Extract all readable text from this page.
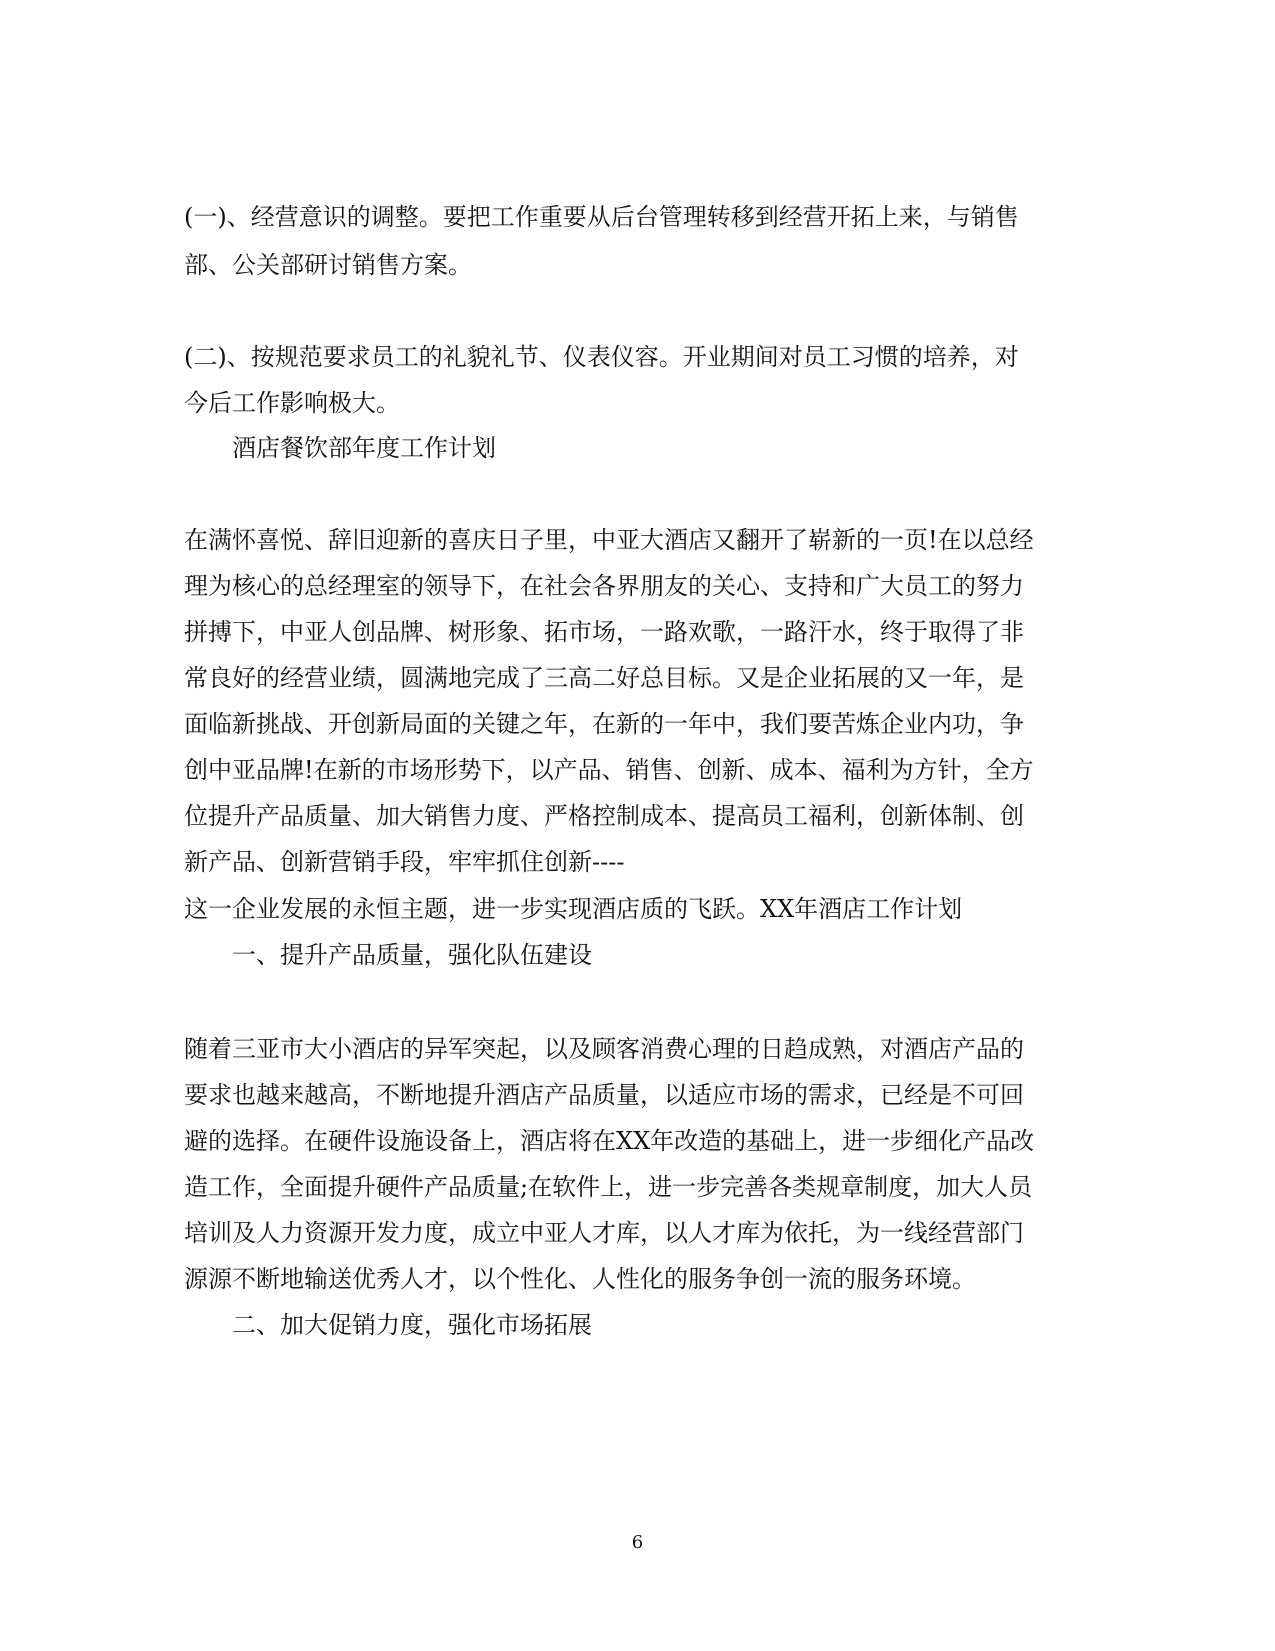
(一)、经营意识的调整。要把工作重要从后台管理转移到经营开拓上来，与销售

部、公关部研讨销售方案。

(二)、按规范要求员工的礼貌礼节、仪表仪容。开业期间对员工习惯的培养，对

今后工作影响极大。

酒店餐饮部年度工作计划

在满怀喜悦、辞旧迎新的喜庆日子里，中亚大酒店又翻开了崭新的一页!在以总经

理为核心的总经理室的领导下，在社会各界朋友的关心、支持和广大员工的努力

拼搏下，中亚人创品牌、树形象、拓市场，一路欢歌，一路汗水，终于取得了非

常良好的经营业绩，圆满地完成了三高二好总目标。又是企业拓展的又一年，是

面临新挑战、开创新局面的关键之年，在新的一年中，我们要苦炼企业内功，争

创中亚品牌!在新的市场形势下，以产品、销售、创新、成本、福利为方针，全方

位提升产品质量、加大销售力度、严格控制成本、提高员工福利，创新体制、创

新产品、创新营销手段，牢牢抓住创新----

这一企业发展的永恒主题，进一步实现酒店质的飞跃。XX年酒店工作计划

一、提升产品质量，强化队伍建设

随着三亚市大小酒店的异军突起，以及顾客消费心理的日趋成熟，对酒店产品的

要求也越来越高，不断地提升酒店产品质量，以适应市场的需求，已经是不可回

避的选择。在硬件设施设备上，酒店将在XX年改造的基础上，进一步细化产品改

造工作，全面提升硬件产品质量;在软件上，进一步完善各类规章制度，加大人员

培训及人力资源开发力度，成立中亚人才库，以人才库为依托，为一线经营部门

源源不断地输送优秀人才，以个性化、人性化的服务争创一流的服务环境。

二、加大促销力度，强化市场拓展

6
